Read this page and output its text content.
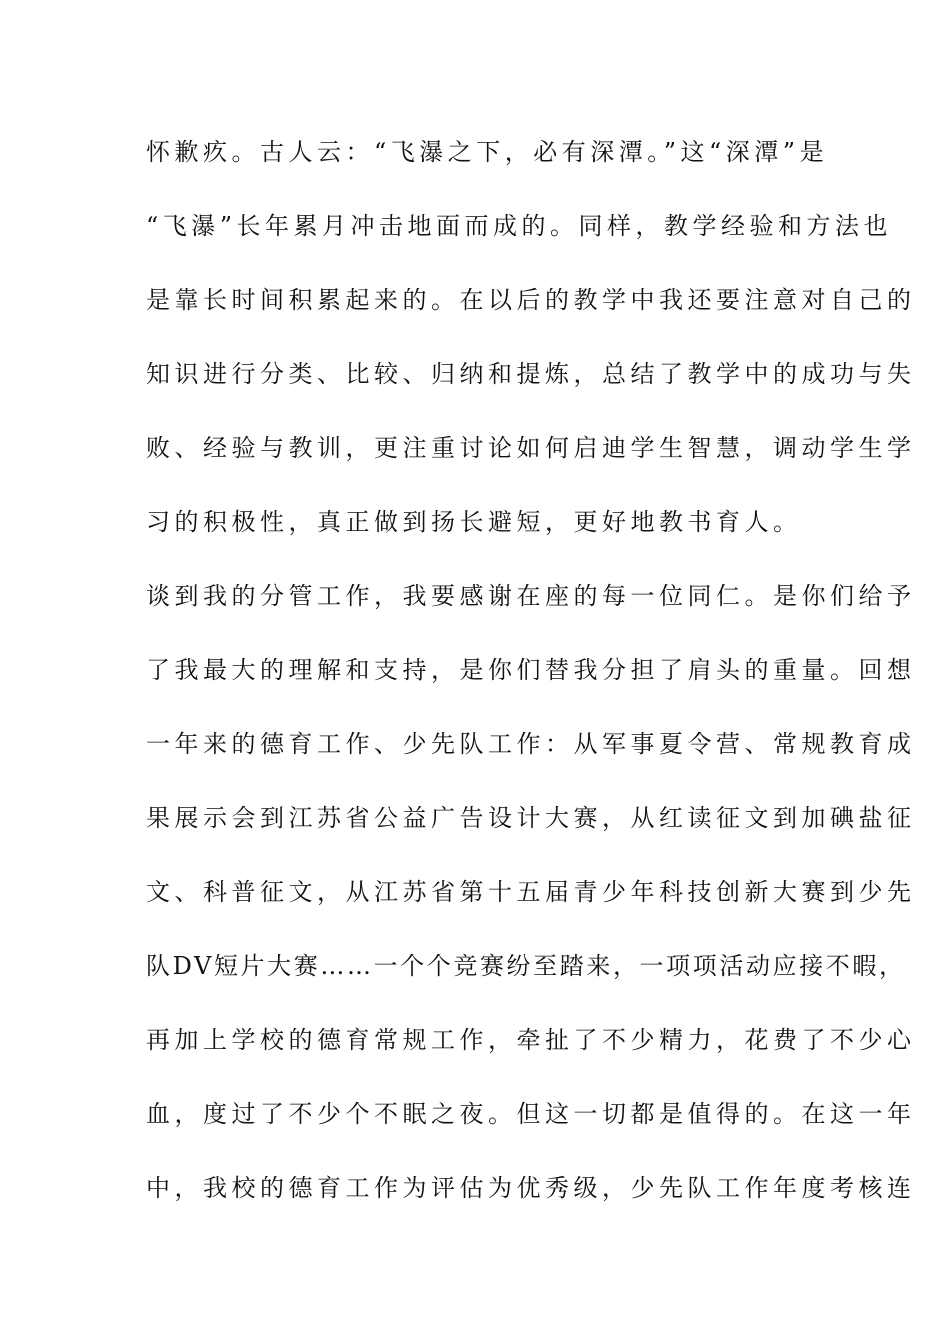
怀歉疚。古人云：“飞瀑之下，必有深潭。”这“深潭”是
“飞瀑”长年累月冲击地面而成的。同样，教学经验和方法也
是靠长时间积累起来的。在以后的教学中我还要注意对自己的
知识进行分类、比较、归纳和提炼，总结了教学中的成功与失
败、经验与教训，更注重讨论如何启迪学生智慧，调动学生学
习的积极性，真正做到扬长避短，更好地教书育人。
谈到我的分管工作，我要感谢在座的每一位同仁。是你们给予
了我最大的理解和支持，是你们替我分担了肩头的重量。回想
一年来的德育工作、少先队工作：从军事夏令营、常规教育成
果展示会到江苏省公益广告设计大赛，从红读征文到加碘盐征
文、科普征文，从江苏省第十五届青少年科技创新大赛到少先
队DV短片大赛……一个个竞赛纷至踏来，一项项活动应接不暇，
再加上学校的德育常规工作，牵扯了不少精力，花费了不少心
血，度过了不少个不眠之夜。但这一切都是值得的。在这一年
中，我校的德育工作为评估为优秀级，少先队工作年度考核连
